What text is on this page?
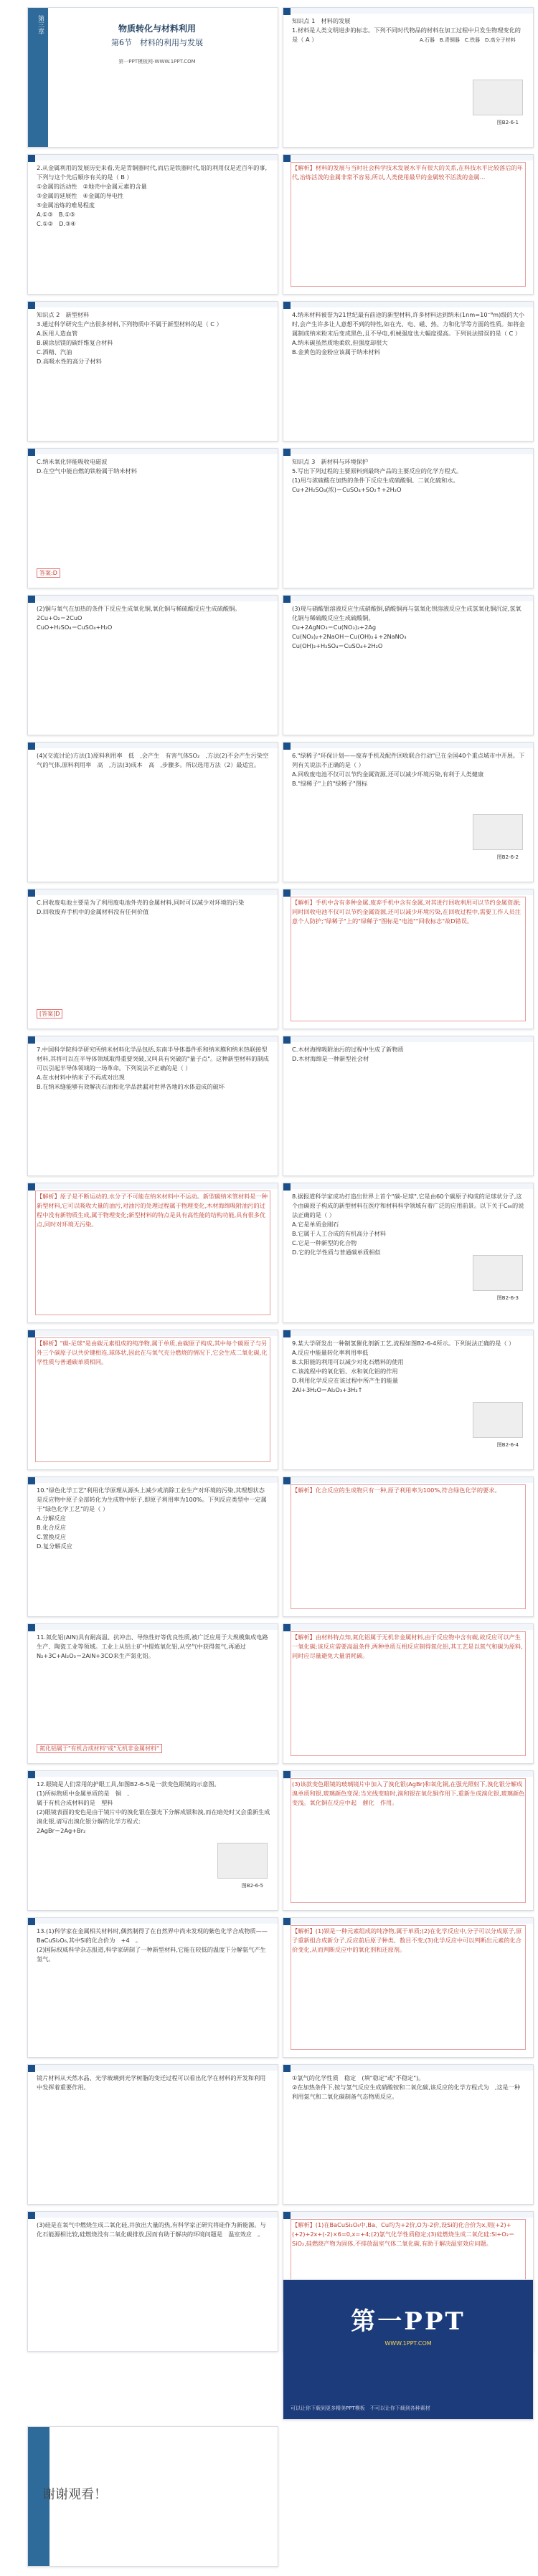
第三章	物质转化与材料利用
第6节　材料的利用与发展
第一PPT模板网-WWW.1PPT.COM
知识点 1　材料的发展
1.材料是人类文明进步的标志。下列不同时代物品的材料在加工过程中只发生物理变化的是（ A ）	A.石器　B.青铜器　C.铁器　D.高分子材料
图B2-6-1
2.从金属利用的发展历史来看,先是青铜器时代,而后是铁器时代,铝的利用仅是近百年的事,下列与这个先后顺序有关的是（ B ）
①金属的活动性　②地壳中金属元素的含量
③金属的延展性　④金属的导电性
⑤金属冶炼的难易程度
A.①③　B.①⑤
C.①②　D.③④
【解析】材料的发展与当时社会科学技术发展水平有很大的关系,在科技水平比较落后的年代,冶炼活泼的金属非常不容易,所以,人类使用最早的金属较不活泼的金属...
知识点 2　新型材料
3.通过科学研究生产出很多材料,下列物质中不属于新型材料的是（ C ）
A.医用人造血管
B.碳涂层镁的碳纤维复合材料
C.酒精、汽油
D.高吸水性的高分子材料
4.纳米材料被誉为21世纪最有前途的新型材料,许多材料达到纳米(1nm=10⁻⁹m)级的大小时,会产生许多让人意想不到的特性,如在光、电、磁、热、力和化学等方面的性质。如将金属制成纳米粉末后变成黑色,且不导电,机械强度也大幅度提高。下列说法错误的是（ C ）
A.纳米碳虽然质地柔软,但强度却很大
B.金黄色的金粉应该属于纳米材料
C.纳米氧化锌能吸收电磁波
D.在空气中能自燃的铁粉属于纳米材料
答案:D
知识点 3　新材料与环境保护
5.写出下列过程的主要原料到最终产品的主要反应的化学方程式。
(1)用与浓硫酸在加热的条件下反应生成硫酸铜、二氧化硫和水。
Cu+2H₂SO₄(浓)＝CuSO₄+SO₂↑+2H₂O
(2)铜与氧气在加热的条件下反应生成氧化铜,氧化铜与稀硫酸反应生成硫酸铜。
2Cu+O₂＝2CuO
CuO+H₂SO₄＝CuSO₄+H₂O
(3)现与硝酸银溶液反应生成硝酸铜,硝酸铜再与氯氧化钡溶液反应生成氢氧化铜沉淀,氢氧化铜与稀硫酸反应生成硫酸铜。
Cu+2AgNO₃＝Cu(NO₃)₂+2Ag
Cu(NO₃)₂+2NaOH＝Cu(OH)₂↓+2NaNO₃
Cu(OH)₂+H₂SO₄＝CuSO₄+2H₂O
(4)(交流讨论)方法(1)原料利用率　低　,会产生　有害气体SO₂　,方法(2)不会产生污染空气的气体,原料利用率　高　,方法(3)成本　高　,步骤多。所以选用方法（2）最适宜。
6."绿稀子"环保计划——废弃手机及配件回收联合行动"已在全国40个重点城市中开展。下列有关说法不正确的是（ ）
A.回收废电池不仅可以节约金属资源,还可以减少环境污染,有利于人类健康
B."绿稀子"上的"绿稀子"图标
图B2-6-2
C.回收废电池主要是为了利用废电池外壳的金属材料,同时可以减少对环境的污染
D.回收废弃手机中的金属材料没有任何价值
[答案]D
【解析】手机中含有多种金属,废弃手机中含有金属,对其进行回收利用可以节约金属资源;同时回收电池不仅可以节约金属资源,还可以减少环境污染,在回收过程中,需要工作人员注意个人防护;"绿稀子"上的"绿稀子"图标是"电池""回收标志"故D错误。
7.中国科学院科学研究所纳米材料化学品包括,东南半导体器件系和纳米膜和纳米热联接型材料,其将可以在半导体领域取得重要突破,又叫具有突破的"量子点"。这种新型材料的制成可以引起半导体领域的一场革命。下列说法不正确的是（ ）
A.在水材料中纳米子不再成对出现
B.在纳米缝能够有效解决石油和化学品泄漏对世界各地的水体造成的破坏
C.木材海绵吸附油污的过程中生成了新物质
D.木材海绵是一种新型社会材
【解析】原子是不断运动的,水分子不可能在纳米材料中不运动。新型碳纳米管材料是一种新型材料,它可以吸收大量的油污,对油污的处理过程属于物理变化,木材海绵吸附油污的过程中没有新物质生成,属于物理变化;新型材料的特点是具有高性能的结构功能,具有很多优点,同时对环境无污染。
8.据报道科学家成功打造出世界上首个"碳-足球",它是由60个碳原子构成的足球状分子,这个由碳原子构成的新型材料在医疗和材料科学领域有着广泛的应用前景。以下关于C₆₀的说法正确的是（ ）
A.它是单质金刚石
B.它属于人工合成的有机高分子材料
C.它是一种新型的化合物
D.它的化学性质与普通碳单质相似
图B2-6-3
【解析】"碳-足球"是由碳元素组成的纯净物,属于单质,由碳原子构成,其中每个碳原子与另外三个碳原子以共价键相连,球体状,因此在与氧气充分燃烧的情况下,它会生成二氧化碳,化学性质与普通碳单质相同。
9.某大学研发出一种制氢催化剂新工艺,流程如图B2-6-4所示。下列说法正确的是（ ）
A.反应中能量转化率利用率低
B.太阳能的利用可以减少对化石燃料的使用
C.该流程中的氧化铝、水和氧化铝的作用
D.利用化学反应在该过程中所产生的能量
2Al+3H₂O＝Al₂O₃+3H₂↑
图B2-6-4
10."绿色化学工艺"利用化学原理从源头上减少或消除工业生产对环境的污染,其理想状态是反应物中原子全部转化为生成物中原子,即原子利用率为100%。下列反应类型中一定属于"绿色化学工艺"的是（ ）
A.分解反应
B.化合反应
C.置换反应
D.复分解反应
【解析】化合反应的生成物只有一种,原子利用率为100%,符合绿色化学的要求。
11.氮化铝(AlN)具有耐高温、抗冲击、导热性好等优良性质,被广泛应用于大规模集成电路生产、陶瓷工业等领域。工业上从铝土矿中提炼氧化铝,从空气中获得氮气,再通过N₂+3C+Al₂O₃＝2AlN+3CO来生产氮化铝。
氮化铝属于"有机合成材料"或"无机非金属材料"
【解析】由材料特点知,氮化铝属于无机非金属材料,由于反应物中含有碳,故反应可以产生一氧化碳;该反应需要高温条件,两种单质互相反应制得氮化铝,其工艺是以氮气和碳为原料,同时应尽量避免大量消耗碳。
12.眼镜是人们常用的护眼工具,如图B2-6-5是一款变色眼镜的示意图。
(1)所标物质中金属单质的是　铜　,
属于有机合成材料的是　塑料
(2)眼镜表面的变色是由于镜片中的溴化银在强光下分解成银和溴,而在暗处时又会重新生成溴化银,请写出溴化银分解的化学方程式：
2AgBr＝2Ag+Br₂
图B2-6-5
(3)该款变色眼镜的玻璃镜片中加入了溴化银(AgBr)和氧化铜,在强光照射下,溴化银分解成溴单质和银,玻璃颜色变深;当光线变暗时,溴和银在氧化铜作用下,重新生成溴化银,玻璃颜色变浅。氧化铜在反应中起　催化　作用。
13.(1)科学家在金属相关材料时,偶然制得了在自然界中尚未发现的紫色化学合成物质——BaCuSi₂O₆,其中Si的化合价为　+4　。
(2)国际权威科学杂志报道,科学家研制了一种新型材料,它能在较低的温度下分解氨气产生氢气。
【解析】(1)钡是一种元素组成的纯净物,属于单质;(2)在化学反应中,分子可以分成原子,原子重新组合成新分子,反应前后原子种类、数目不变;(3)化学反应中可以判断出元素的化合价变化,从而判断反应中的氧化剂和还原剂。
镜片材料从天然水晶、光学玻璃到光学树脂的变迁过程可以看出化学在材料的开发和利用中发挥着重要作用。
①氯气的化学性质　稳定　(填"稳定"或"不稳定")。
②在加热条件下,铵与氢气反应生成硝酸铵和二氧化碳,该反应的化学方程式为　,这是一种利用氯气和二氧化碳制备气态物质反应。
(3)硅是在氧气中燃烧生成二氧化硅,并放出大量的热,有科学家正研究将硅作为新能源。与化石能源相比较,硅燃烧没有二氧化碳排放,因而有助于解决的环境问题是　温室效应　。
【解析】(1)在BaCuSi₂O₆中,Ba、Cu均为+2价,O为-2价,设Si的化合价为x,则(+2)+(+2)+2x+(-2)×6=0,x=+4;(2)氯气化学性质稳定;(3)硅燃烧生成二氧化硅:Si+O₂＝SiO₂,硅燃烧产物为固体,不排放温室气体二氧化碳,有助于解决温室效应问题。
第一PPT
WWW.1PPT.COM
可以让你下载到更多精美PPT模板　不可以让你下载到各种素材
谢谢观看！
